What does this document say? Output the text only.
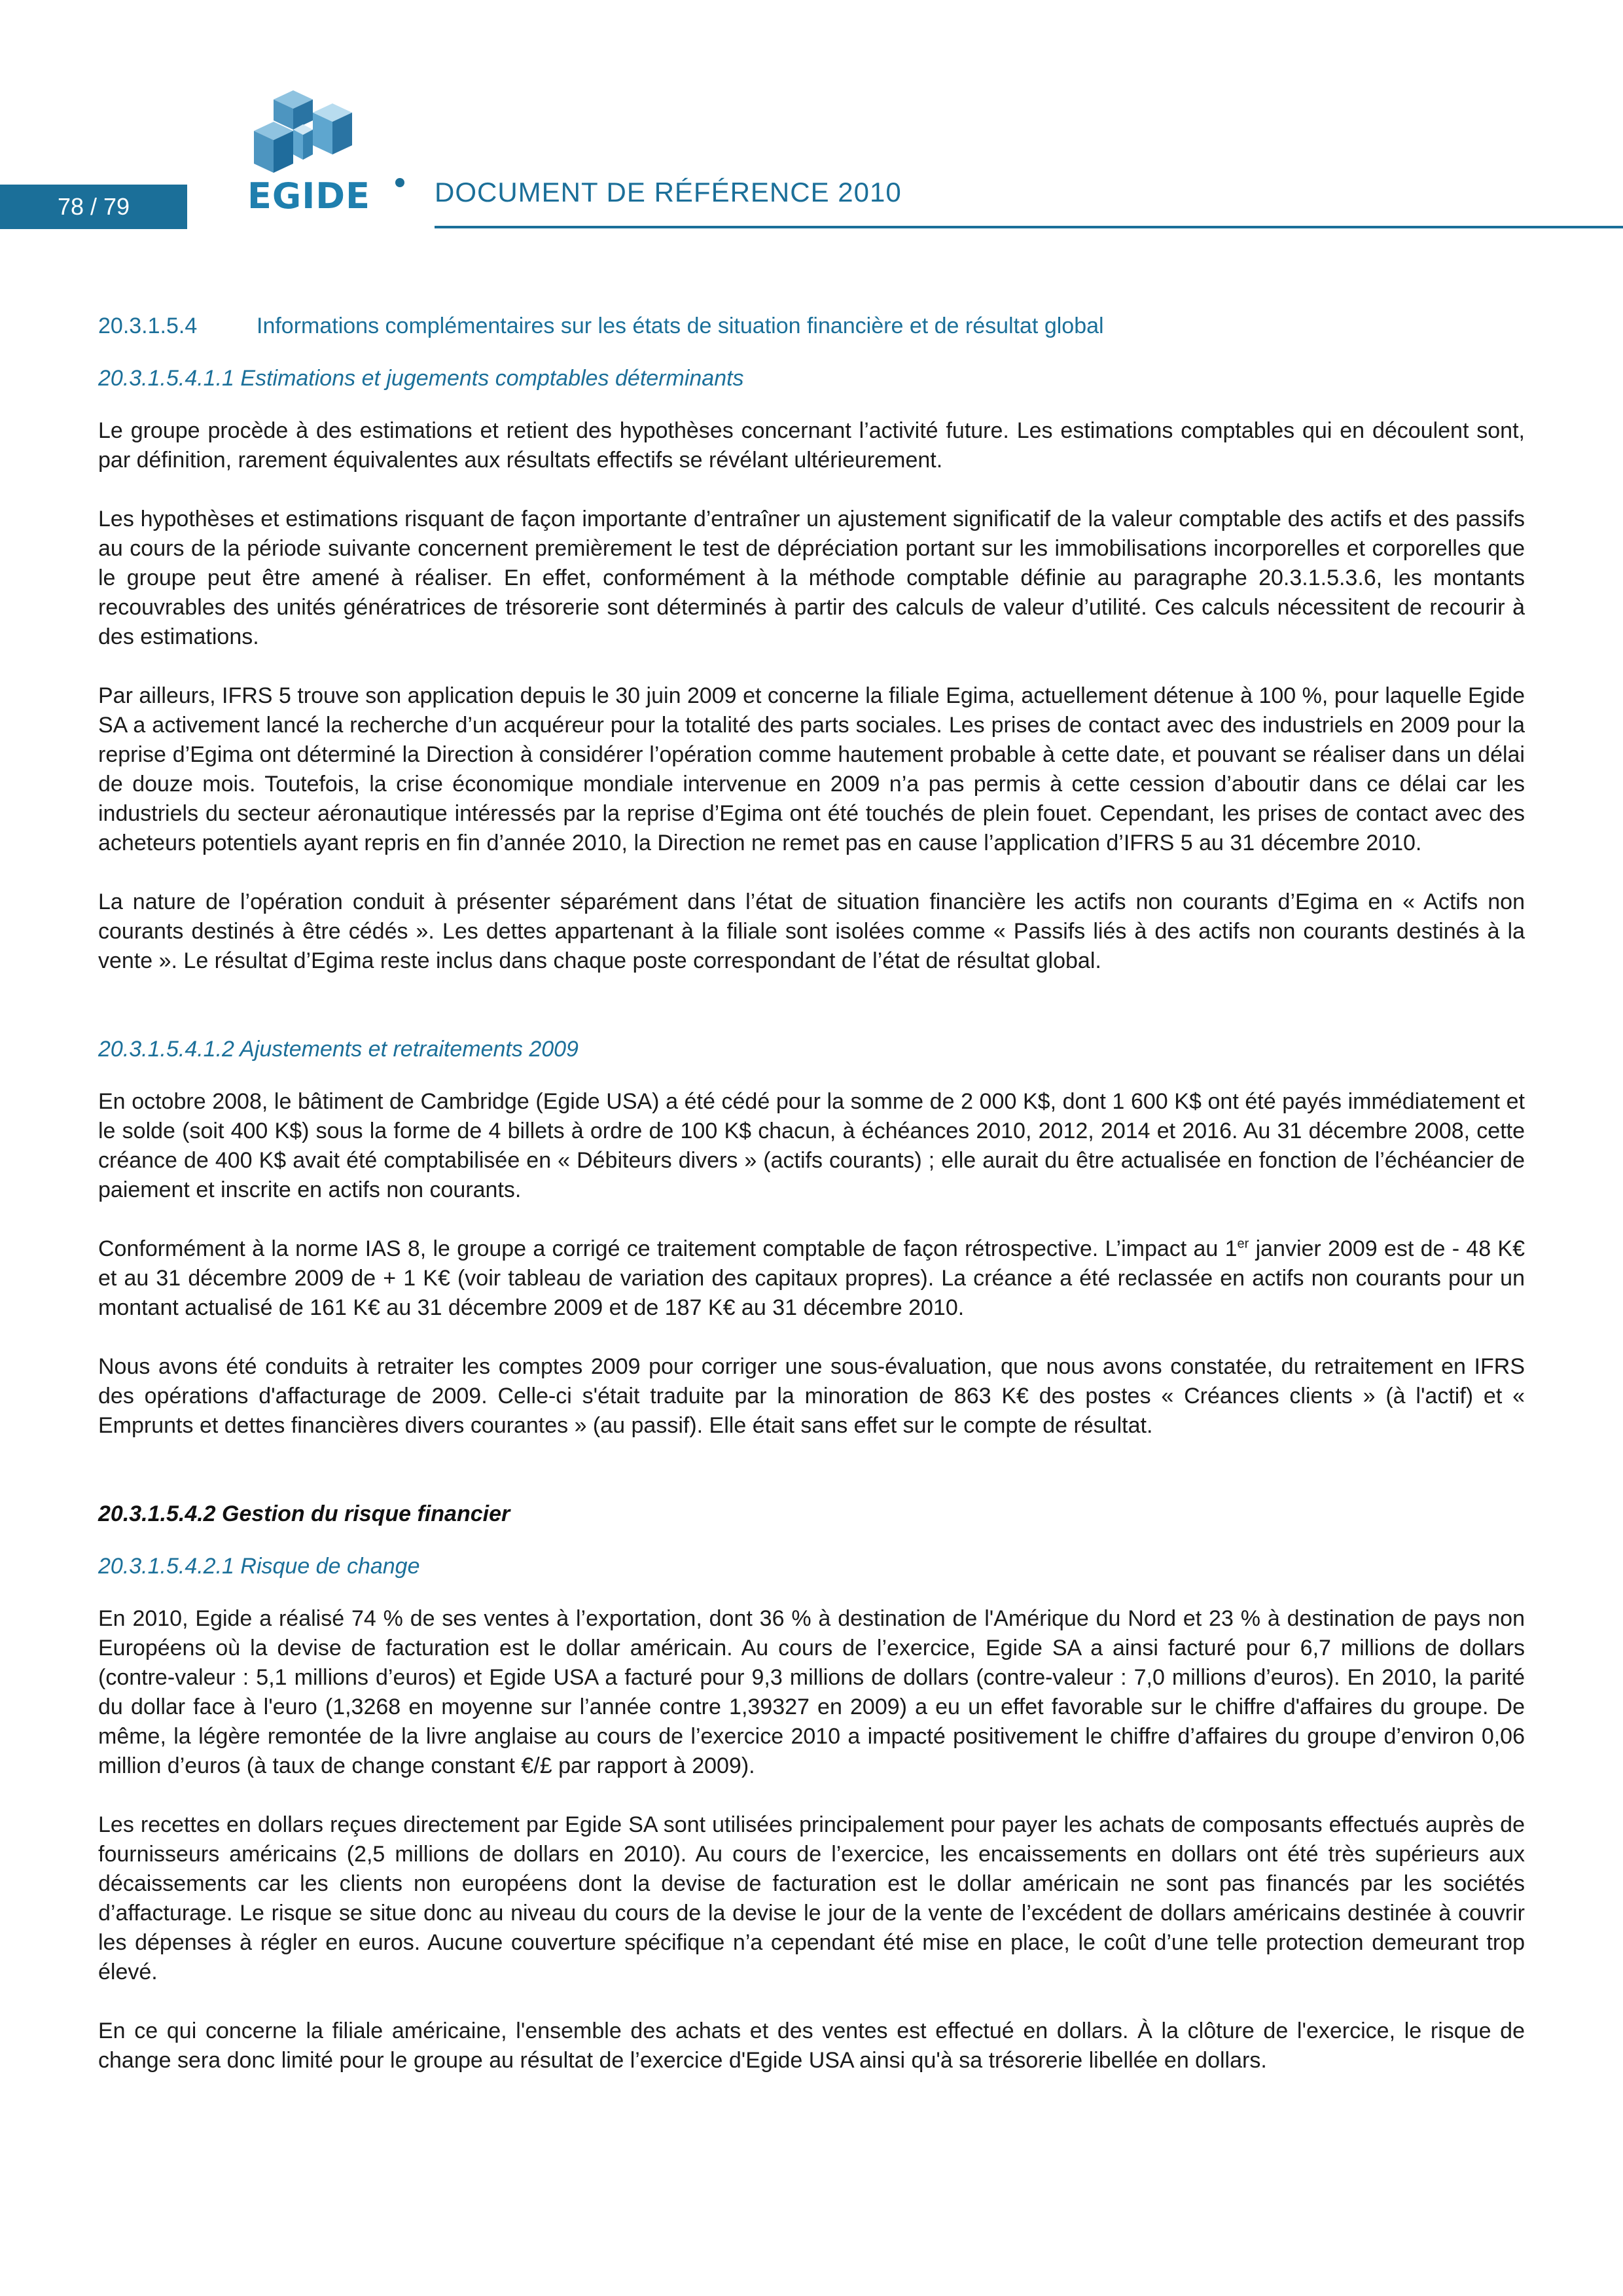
78 / 79	EGIDE DOCUMENT DE RÉFÉRENCE 2010
20.3.1.5.4	Informations complémentaires sur les états de situation financière et de résultat global
20.3.1.5.4.1.1 Estimations et jugements comptables déterminants

Le groupe procède à des estimations et retient des hypothèses concernant l’activité future. Les estimations comptables qui en découlent sont, par définition, rarement équivalentes aux résultats effectifs se révélant ultérieurement.

Les hypothèses et estimations risquant de façon importante d’entraîner un ajustement significatif de la valeur comptable des actifs et des passifs au cours de la période suivante concernent premièrement le test de dépréciation portant sur les immobilisations incorporelles et corporelles que le groupe peut être amené à réaliser. En effet, conformément à la méthode comptable définie au paragraphe 20.3.1.5.3.6, les montants recouvrables des unités génératrices de trésorerie sont déterminés à partir des calculs de valeur d’utilité. Ces calculs nécessitent de recourir à des estimations.

Par ailleurs, IFRS 5 trouve son application depuis le 30 juin 2009 et concerne la filiale Egima, actuellement détenue à 100 %, pour laquelle Egide SA a activement lancé la recherche d’un acquéreur pour la totalité des parts sociales. Les prises de contact avec des industriels en 2009 pour la reprise d’Egima ont déterminé la Direction à considérer l’opération comme hautement probable à cette date, et pouvant se réaliser dans un délai de douze mois. Toutefois, la crise économique mondiale intervenue en 2009 n’a pas permis à cette cession d’aboutir dans ce délai car les industriels du secteur aéronautique intéressés par la reprise d’Egima ont été touchés de plein fouet. Cependant, les prises de contact avec des acheteurs potentiels ayant repris en fin d’année 2010, la Direction ne remet pas en cause l’application d’IFRS 5 au 31 décembre 2010.

La nature de l’opération conduit à présenter séparément dans l’état de situation financière les actifs non courants d’Egima en « Actifs non courants destinés à être cédés ». Les dettes appartenant à la filiale sont isolées comme « Passifs liés à des actifs non courants destinés à la vente ». Le résultat d’Egima reste inclus dans chaque poste correspondant de l’état de résultat global.

20.3.1.5.4.1.2 Ajustements et retraitements 2009

En octobre 2008, le bâtiment de Cambridge (Egide USA) a été cédé pour la somme de 2 000 K$, dont 1 600 K$ ont été payés immédiatement et le solde (soit 400 K$) sous la forme de 4 billets à ordre de 100 K$ chacun, à échéances 2010, 2012, 2014 et 2016. Au 31 décembre 2008, cette créance de 400 K$ avait été comptabilisée en « Débiteurs divers » (actifs courants) ; elle aurait du être actualisée en fonction de l’échéancier de paiement et inscrite en actifs non courants.

Conformément à la norme IAS 8, le groupe a corrigé ce traitement comptable de façon rétrospective. L’impact au 1er janvier 2009 est de - 48 K€ et au 31 décembre 2009 de + 1 K€ (voir tableau de variation des capitaux propres). La créance a été reclassée en actifs non courants pour un montant actualisé de 161 K€ au 31 décembre 2009 et de 187 K€ au 31 décembre 2010.

Nous avons été conduits à retraiter les comptes 2009 pour corriger une sous-évaluation, que nous avons constatée, du retraitement en IFRS des opérations d'affacturage de 2009. Celle-ci s'était traduite par la minoration de 863 K€ des postes « Créances clients » (à l'actif) et « Emprunts et dettes financières divers courantes » (au passif). Elle était sans effet sur le compte de résultat.

20.3.1.5.4.2 Gestion du risque financier
20.3.1.5.4.2.1 Risque de change

En 2010, Egide a réalisé 74 % de ses ventes à l’exportation, dont 36 % à destination de l'Amérique du Nord et 23 % à destination de pays non Européens où la devise de facturation est le dollar américain. Au cours de l’exercice, Egide SA a ainsi facturé pour 6,7 millions de dollars (contre-valeur : 5,1 millions d’euros) et Egide USA a facturé pour 9,3 millions de dollars (contre-valeur : 7,0 millions d’euros). En 2010, la parité du dollar face à l'euro (1,3268 en moyenne sur l’année contre 1,39327 en 2009) a eu un effet favorable sur le chiffre d'affaires du groupe. De même, la légère remontée de la livre anglaise au cours de l’exercice 2010 a impacté positivement le chiffre d’affaires du groupe d’environ 0,06 million d’euros (à taux de change constant €/£ par rapport à 2009).

Les recettes en dollars reçues directement par Egide SA sont utilisées principalement pour payer les achats de composants effectués auprès de fournisseurs américains (2,5 millions de dollars en 2010). Au cours de l’exercice, les encaissements en dollars ont été très supérieurs aux décaissements car les clients non européens dont la devise de facturation est le dollar américain ne sont pas financés par les sociétés d’affacturage. Le risque se situe donc au niveau du cours de la devise le jour de la vente de l’excédent de dollars américains destinée à couvrir les dépenses à régler en euros. Aucune couverture spécifique n’a cependant été mise en place, le coût d’une telle protection demeurant trop élevé.

En ce qui concerne la filiale américaine, l'ensemble des achats et des ventes est effectué en dollars. À la clôture de l'exercice, le risque de change sera donc limité pour le groupe au résultat de l’exercice d'Egide USA ainsi qu'à sa trésorerie libellée en dollars.
